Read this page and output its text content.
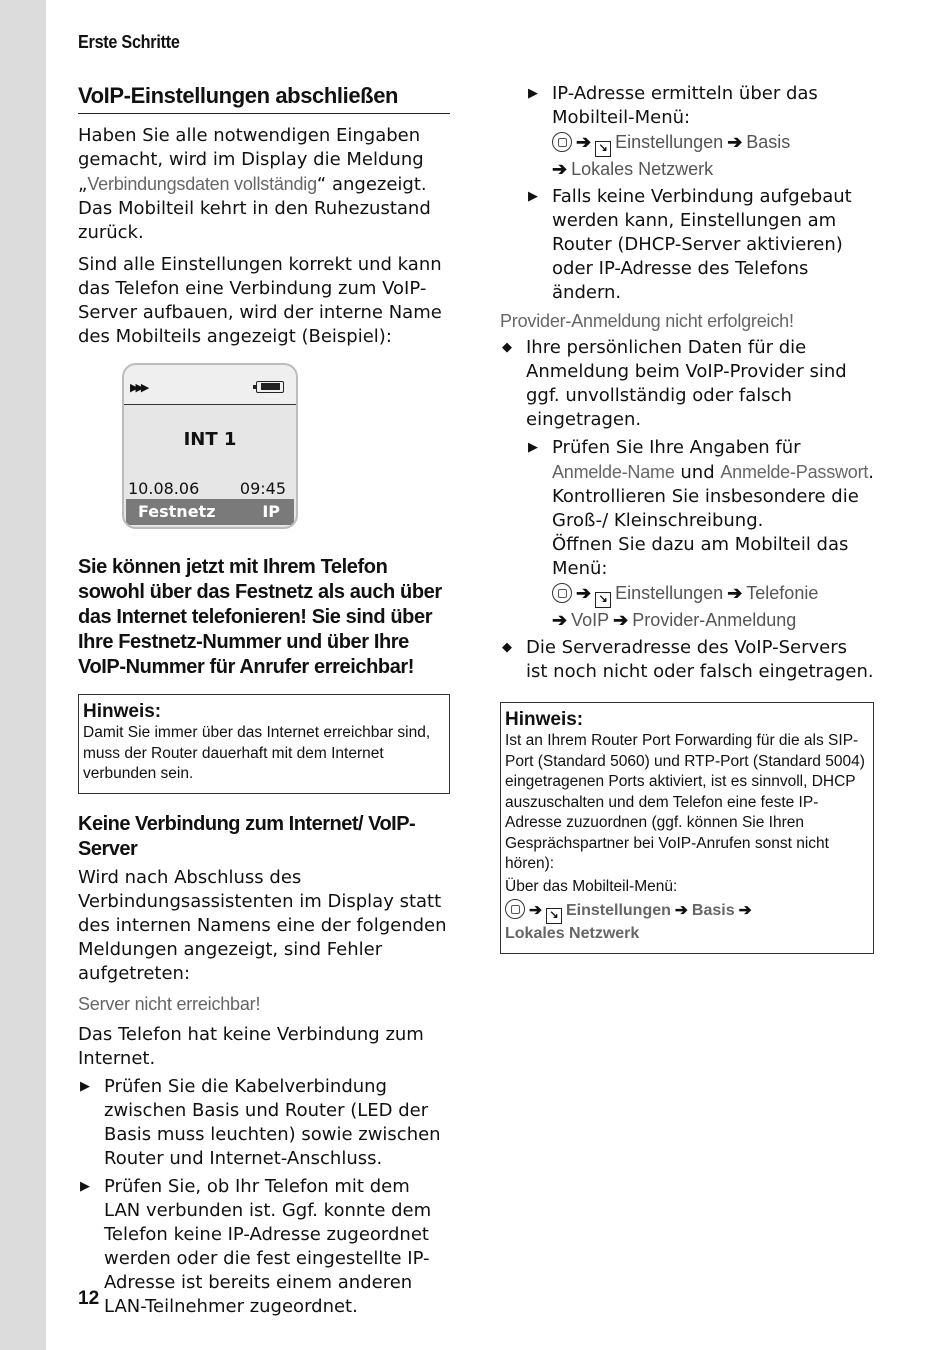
Erste Schritte
VoIP-Einstellungen abschließen

Haben Sie alle notwendigen Eingaben gemacht, wird im Display die Meldung „Verbindungsdaten vollständig“ angezeigt. Das Mobilteil kehrt in den Ruhezustand zurück.

Sind alle Einstellungen korrekt und kann das Telefon eine Verbindung zum VoIP-Server aufbauen, wird der interne Name des Mobilteils angezeigt (Beispiel):

▶▶▶
INT 1
10.08.06	09:45
Festnetz	IP
Sie können jetzt mit Ihrem Telefon sowohl über das Festnetz als auch über das Internet telefonieren! Sie sind über Ihre Festnetz-Nummer und über Ihre VoIP-Nummer für Anrufer erreichbar!
Hinweis:
Damit Sie immer über das Internet erreichbar sind, muss der Router dauerhaft mit dem Internet verbunden sein.
Keine Verbindung zum Internet/ VoIP-Server

Wird nach Abschluss des Verbindungsassistenten im Display statt des internen Namens eine der folgenden Meldungen angezeigt, sind Fehler aufgetreten:

Server nicht erreichbar!

Das Telefon hat keine Verbindung zum Internet.

▶ Prüfen Sie die Kabelverbindung zwischen Basis und Router (LED der Basis muss leuchten) sowie zwischen Router und Internet-Anschluss.
▶ Prüfen Sie, ob Ihr Telefon mit dem LAN verbunden ist. Ggf. konnte dem Telefon keine IP-Adresse zugeordnet werden oder die fest eingestellte IP-Adresse ist bereits einem anderen LAN-Teilnehmer zugeordnet.
▶ IP-Adresse ermitteln über das Mobilteil-Menü:
➔ ↘ Einstellungen ➔ Basis
➔ Lokales Netzwerk
▶ Falls keine Verbindung aufgebaut werden kann, Einstellungen am Router (DHCP-Server aktivieren) oder IP-Adresse des Telefons ändern.
Provider-Anmeldung nicht erfolgreich!
◆ Ihre persönlichen Daten für die Anmeldung beim VoIP-Provider sind ggf. unvollständig oder falsch eingetragen.
▶ Prüfen Sie Ihre Angaben für Anmelde-Name und Anmelde-Passwort. Kontrollieren Sie insbesondere die Groß-/ Kleinschreibung.
Öffnen Sie dazu am Mobilteil das Menü:
➔ ↘ Einstellungen ➔ Telefonie
➔ VoIP ➔ Provider-Anmeldung
◆ Die Serveradresse des VoIP-Servers ist noch nicht oder falsch eingetragen.
Hinweis:
Ist an Ihrem Router Port Forwarding für die als SIP-Port (Standard 5060) und RTP-Port (Standard 5004) eingetragenen Ports aktiviert, ist es sinnvoll, DHCP auszuschalten und dem Telefon eine feste IP-Adresse zuzuordnen (ggf. können Sie Ihren Gesprächspartner bei VoIP-Anrufen sonst nicht hören):
Über das Mobilteil-Menü:
➔ ↘ Einstellungen ➔ Basis ➔
Lokales Netzwerk
12
